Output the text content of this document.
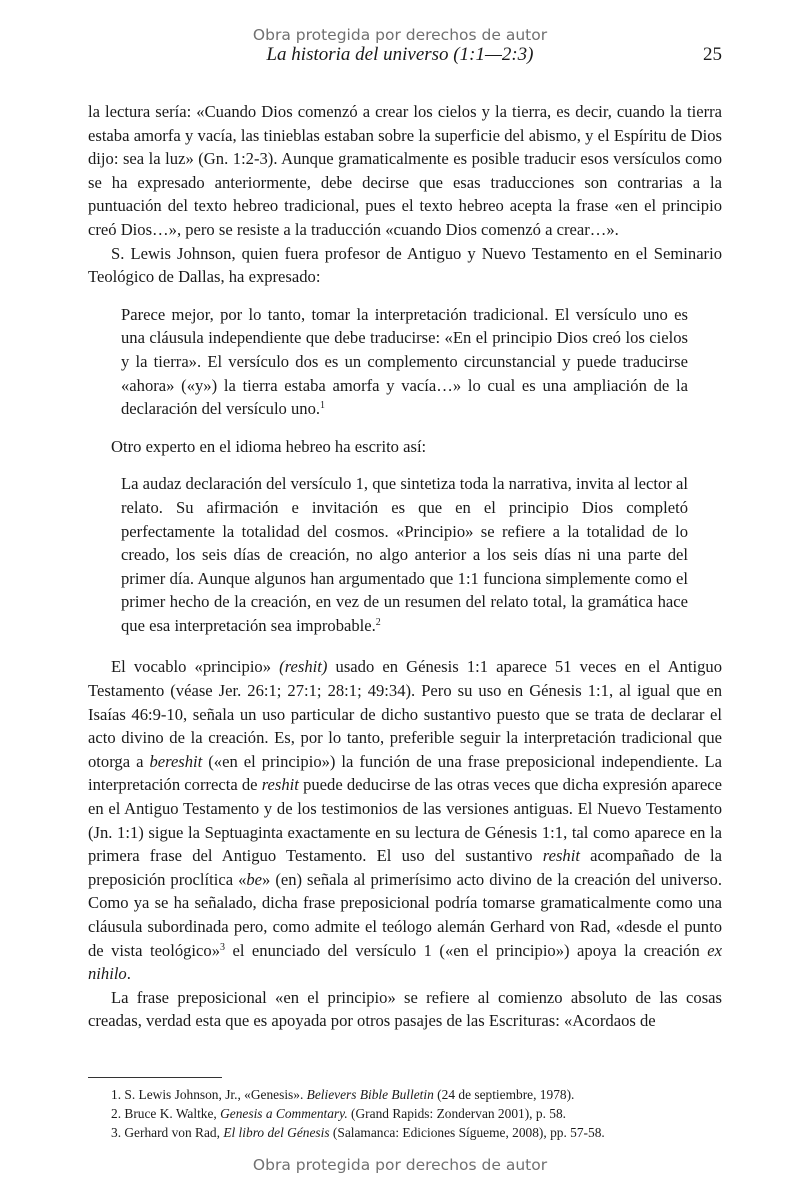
Obra protegida por derechos de autor
La historia del universo (1:1—2:3)	25

la lectura sería: «Cuando Dios comenzó a crear los cielos y la tierra, es decir, cuando la tierra estaba amorfa y vacía, las tinieblas estaban sobre la superficie del abismo, y el Espíritu de Dios dijo: sea la luz» (Gn. 1:2-3). Aunque gramaticalmente es posible traducir esos versículos como se ha expresado anteriormente, debe decirse que esas traducciones son contrarias a la puntuación del texto hebreo tradicional, pues el texto hebreo acepta la frase «en el principio creó Dios…», pero se resiste a la traducción «cuando Dios comenzó a crear…».

S. Lewis Johnson, quien fuera profesor de Antiguo y Nuevo Testamento en el Seminario Teológico de Dallas, ha expresado:

Parece mejor, por lo tanto, tomar la interpretación tradicional. El versículo uno es una cláusula independiente que debe traducirse: «En el principio Dios creó los cielos y la tierra». El versículo dos es un complemento circunstancial y puede traducirse «ahora» («y») la tierra estaba amorfa y vacía…» lo cual es una ampliación de la declaración del versículo uno.$^1$

Otro experto en el idioma hebreo ha escrito así:

La audaz declaración del versículo 1, que sintetiza toda la narrativa, invita al lector al relato. Su afirmación e invitación es que en el principio Dios completó perfectamente la totalidad del cosmos. «Principio» se refiere a la totalidad de lo creado, los seis días de creación, no algo anterior a los seis días ni una parte del primer día. Aunque algunos han argumentado que 1:1 funciona simplemente como el primer hecho de la creación, en vez de un resumen del relato total, la gramática hace que esa interpretación sea improbable.$^2$

El vocablo «principio» (reshit) usado en Génesis 1:1 aparece 51 veces en el Antiguo Testamento (véase Jer. 26:1; 27:1; 28:1; 49:34). Pero su uso en Génesis 1:1, al igual que en Isaías 46:9-10, señala un uso particular de dicho sustantivo puesto que se trata de declarar el acto divino de la creación. Es, por lo tanto, preferible seguir la interpretación tradicional que otorga a bereshit («en el principio») la función de una frase preposicional independiente. La interpretación correcta de reshit puede deducirse de las otras veces que dicha expresión aparece en el Antiguo Testamento y de los testimonios de las versiones antiguas. El Nuevo Testamento (Jn. 1:1) sigue la Septuaginta exactamente en su lectura de Génesis 1:1, tal como aparece en la primera frase del Antiguo Testamento. El uso del sustantivo reshit acompañado de la preposición proclítica «be» (en) señala al primerísimo acto divino de la creación del universo. Como ya se ha señalado, dicha frase preposicional podría tomarse gramaticalmente como una cláusula subordinada pero, como admite el teólogo alemán Gerhard von Rad, «desde el punto de vista teológico»$^3$ el enunciado del versículo 1 («en el principio») apoya la creación ex nihilo.

La frase preposicional «en el principio» se refiere al comienzo absoluto de las cosas creadas, verdad esta que es apoyada por otros pasajes de las Escrituras: «Acordaos de

1. S. Lewis Johnson, Jr., «Genesis». Believers Bible Bulletin (24 de septiembre, 1978).
2. Bruce K. Waltke, Genesis a Commentary. (Grand Rapids: Zondervan 2001), p. 58.
3. Gerhard von Rad, El libro del Génesis (Salamanca: Ediciones Sígueme, 2008), pp. 57-58.
Obra protegida por derechos de autor
